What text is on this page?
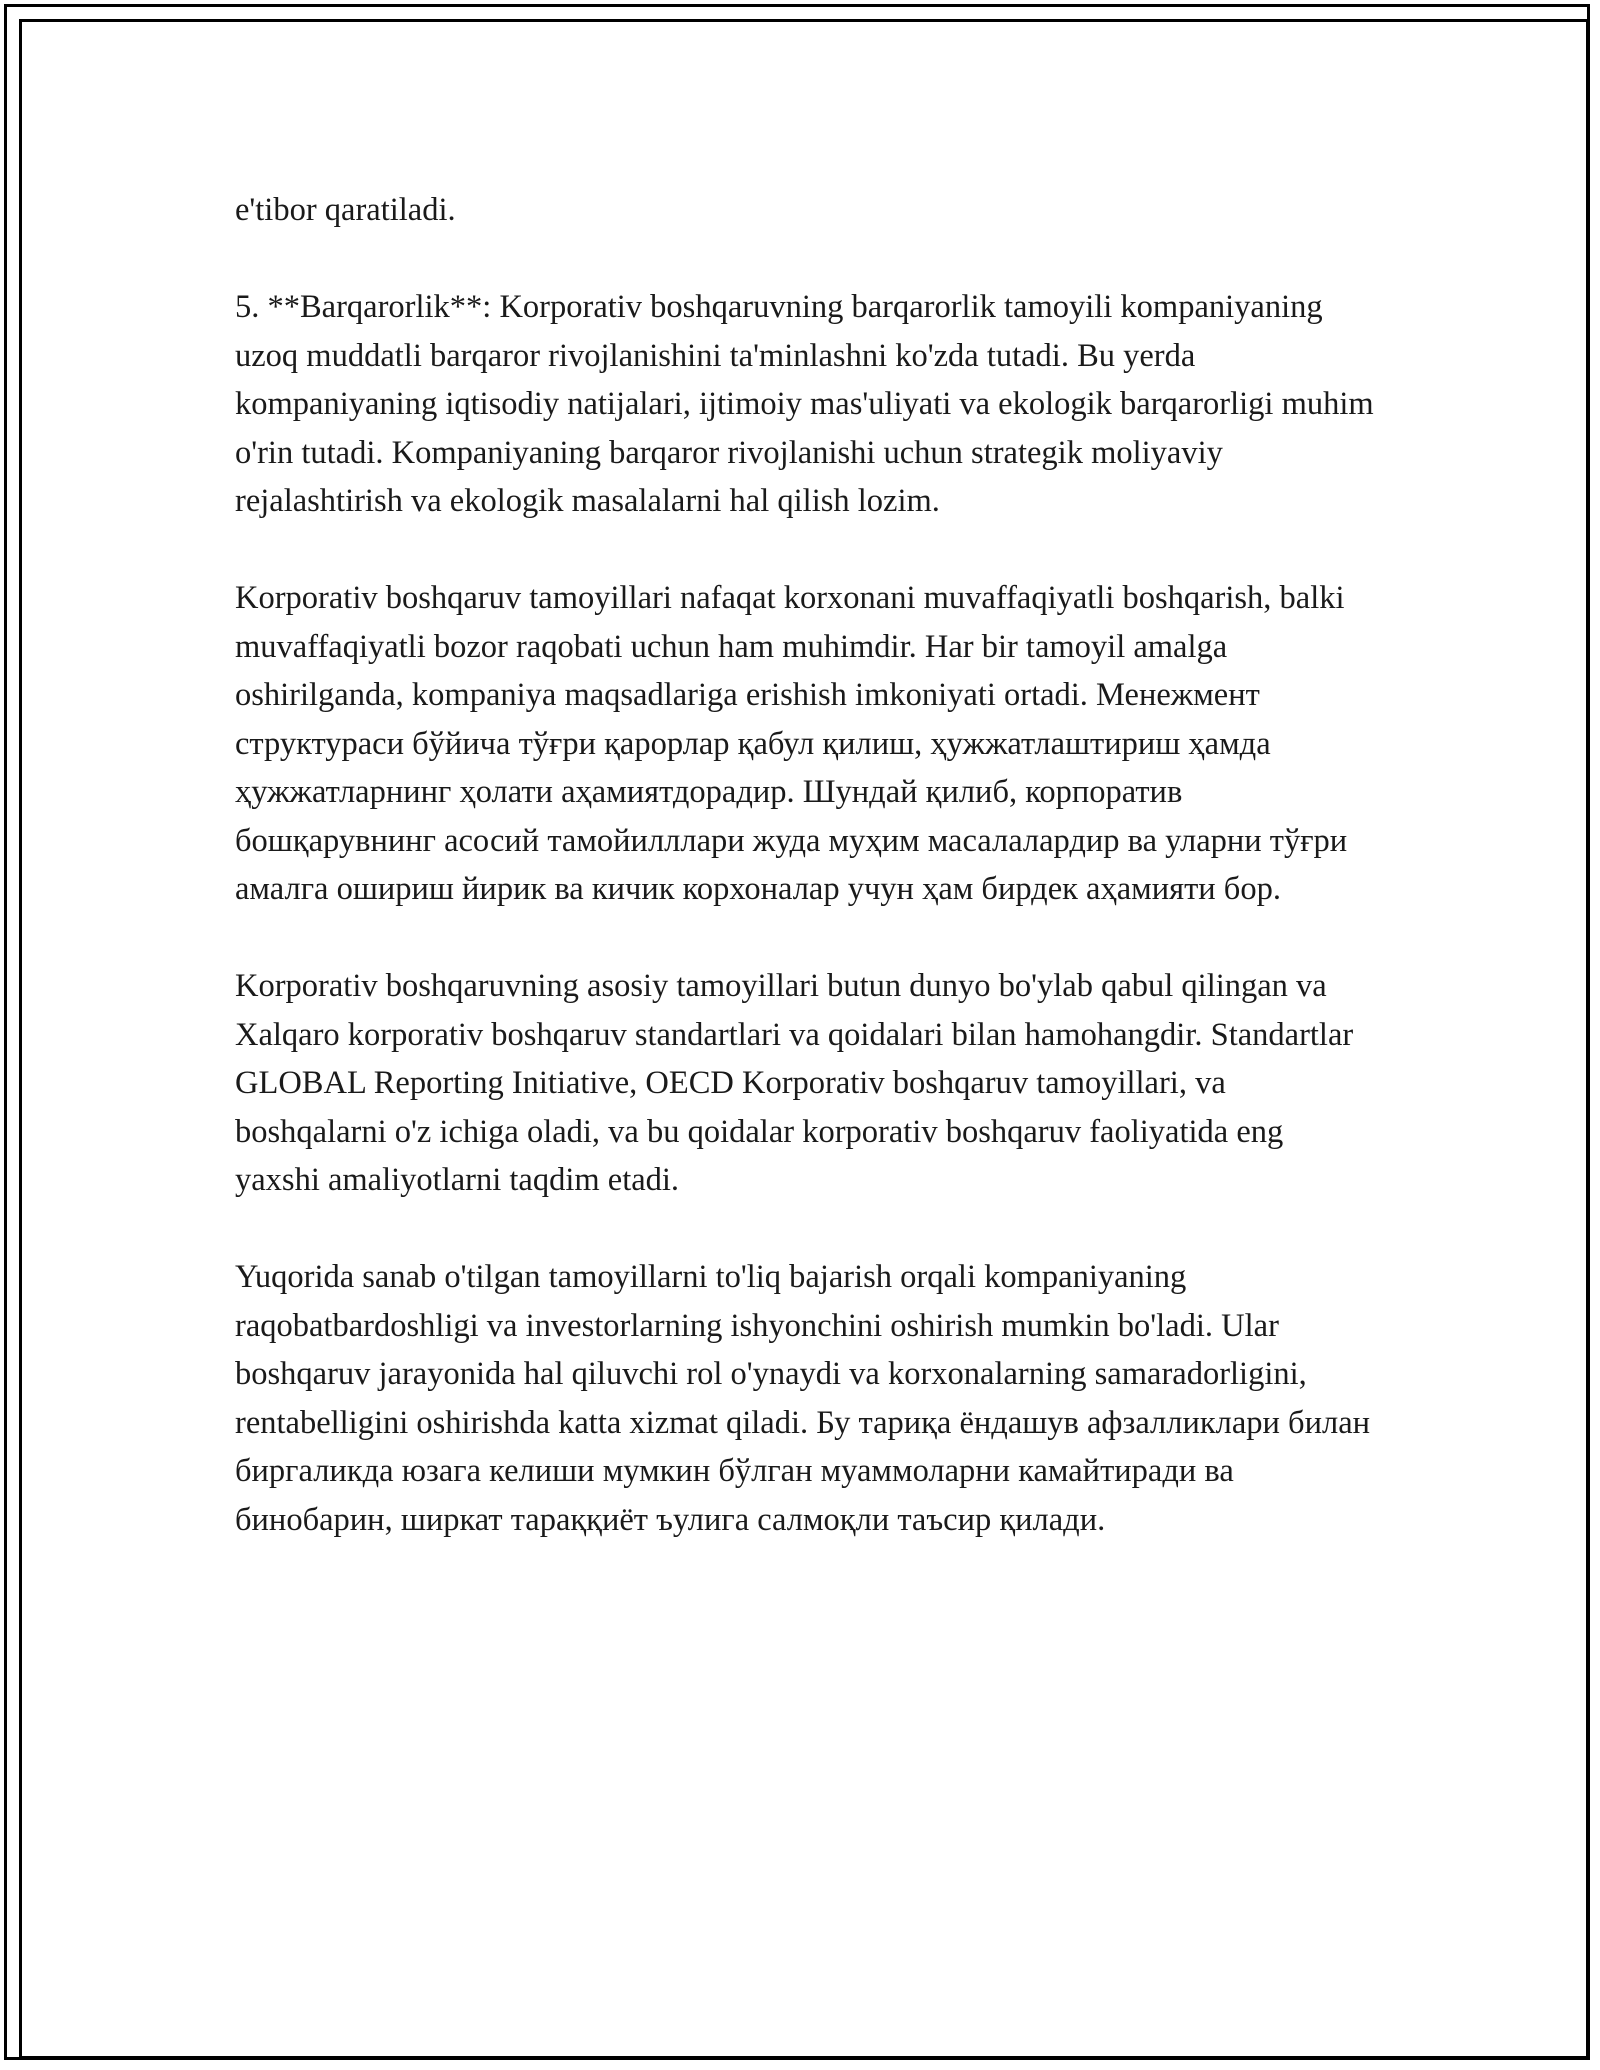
e'tibor qaratiladi.

5. **Barqarorlik**: Korporativ boshqaruvning barqarorlik tamoyili kompaniyaning uzoq muddatli barqaror rivojlanishini ta'minlashni ko'zda tutadi. Bu yerda kompaniyaning iqtisodiy natijalari, ijtimoiy mas'uliyati va ekologik barqarorligi muhim o'rin tutadi. Kompaniyaning barqaror rivojlanishi uchun strategik moliyaviy rejalashtirish va ekologik masalalarni hal qilish lozim.

Korporativ boshqaruv tamoyillari nafaqat korxonani muvaffaqiyatli boshqarish, balki muvaffaqiyatli bozor raqobati uchun ham muhimdir. Har bir tamoyil amalga oshirilganda, kompaniya maqsadlariga erishish imkoniyati ortadi. Менежмент структураси бўйича тўғри қарорлар қабул қилиш, ҳужжатлаштириш ҳамда ҳужжатларнинг ҳолати аҳамиятдорадир. Шундай қилиб, корпоратив бошқарувнинг асосий тамойилллари жуда муҳим масалалардир ва уларни тўғри амалга ошириш йирик ва кичик корхоналар учун ҳам бирдек аҳамияти бор.

Korporativ boshqaruvning asosiy tamoyillari butun dunyo bo'ylab qabul qilingan va Xalqaro korporativ boshqaruv standartlari va qoidalari bilan hamohangdir. Standartlar GLOBAL Reporting Initiative, OECD Korporativ boshqaruv tamoyillari, va boshqalarni o'z ichiga oladi, va bu qoidalar korporativ boshqaruv faoliyatida eng yaxshi amaliyotlarni taqdim etadi.

Yuqorida sanab o'tilgan tamoyillarni to'liq bajarish orqali kompaniyaning raqobatbardoshligi va investorlarning ishyonchini oshirish mumkin bo'ladi. Ular boshqaruv jarayonida hal qiluvchi rol o'ynaydi va korxonalarning samaradorligini, rentabelligini oshirishda katta xizmat qiladi. Бу тариқа ёндашув афзалликлари билан биргаликда юзага келиши мумкин бўлган муаммоларни камайтиради ва бинобарин, ширкат тараққиёт ъулига салмоқли таъсир қилади.
